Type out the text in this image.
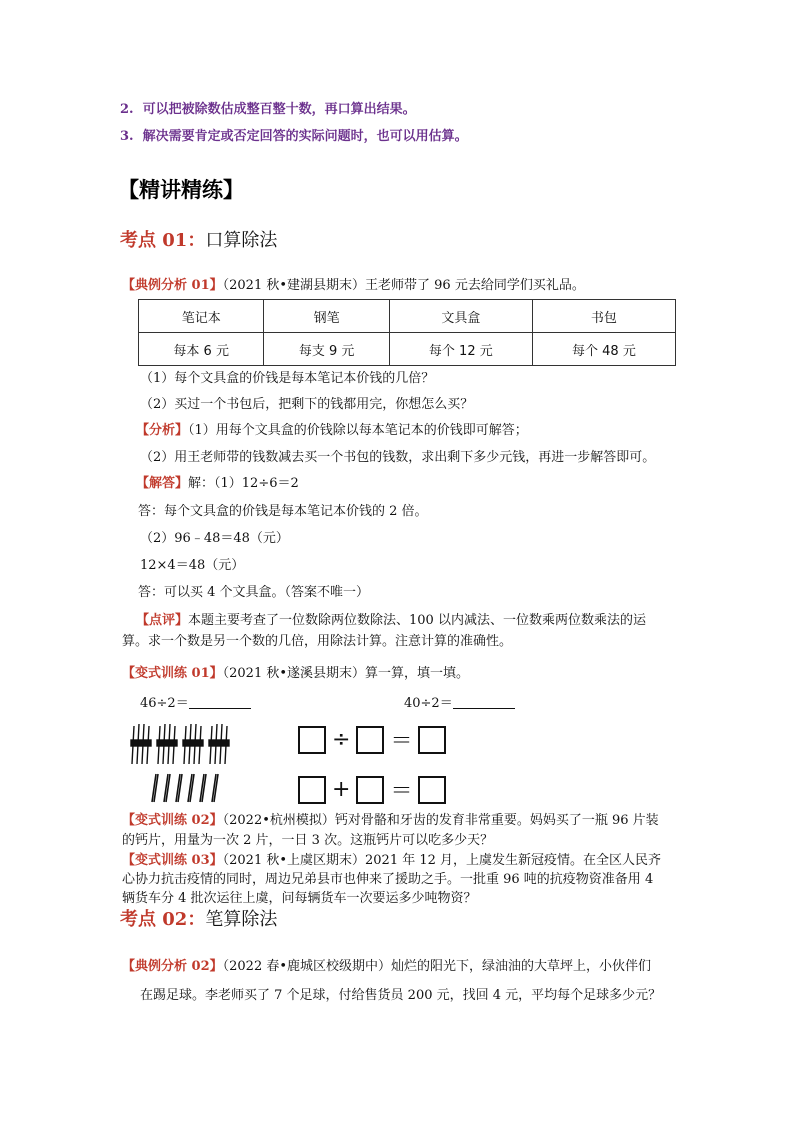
2. 可以把被除数估成整百整十数，再口算出结果。
3. 解决需要肯定或否定回答的实际问题时，也可以用估算。
【精讲精练】
考点 01：口算除法
【典例分析 01】（2021 秋•建湖县期末）王老师带了 96 元去给同学们买礼品。
笔记本	钢笔	文具盒	书包
每本 6 元	每支 9 元	每个 12 元	每个 48 元
（1）每个文具盒的价钱是每本笔记本价钱的几倍？
（2）买过一个书包后，把剩下的钱都用完，你想怎么买？
【分析】（1）用每个文具盒的价钱除以每本笔记本的价钱即可解答；
（2）用王老师带的钱数减去买一个书包的钱数，求出剩下多少元钱，再进一步解答即可。
【解答】解：（1）12÷6＝2
答：每个文具盒的价钱是每本笔记本价钱的 2 倍。
（2）96﹣48＝48（元）
12×4＝48（元）
答：可以买 4 个文具盒。（答案不唯一）
【点评】本题主要考查了一位数除两位数除法、100 以内减法、一位数乘两位数乘法的运
算。求一个数是另一个数的几倍，用除法计算。注意计算的准确性。
【变式训练 01】（2021 秋•遂溪县期末）算一算，填一填。
46÷2＝	40÷2＝
÷ ＝
+ ＝
【变式训练 02】（2022•杭州模拟）钙对骨骼和牙齿的发育非常重要。妈妈买了一瓶 96 片装
的钙片，用量为一次 2 片，一日 3 次。这瓶钙片可以吃多少天？
【变式训练 03】（2021 秋•上虞区期末）2021 年 12 月，上虞发生新冠疫情。在全区人民齐
心协力抗击疫情的同时，周边兄弟县市也伸来了援助之手。一批重 96 吨的抗疫物资准备用 4
辆货车分 4 批次运往上虞，问每辆货车一次要运多少吨物资？
考点 02：笔算除法
【典例分析 02】（2022 春•鹿城区校级期中）灿烂的阳光下，绿油油的大草坪上，小伙伴们
在踢足球。李老师买了 7 个足球，付给售货员 200 元，找回 4 元，平均每个足球多少元？
